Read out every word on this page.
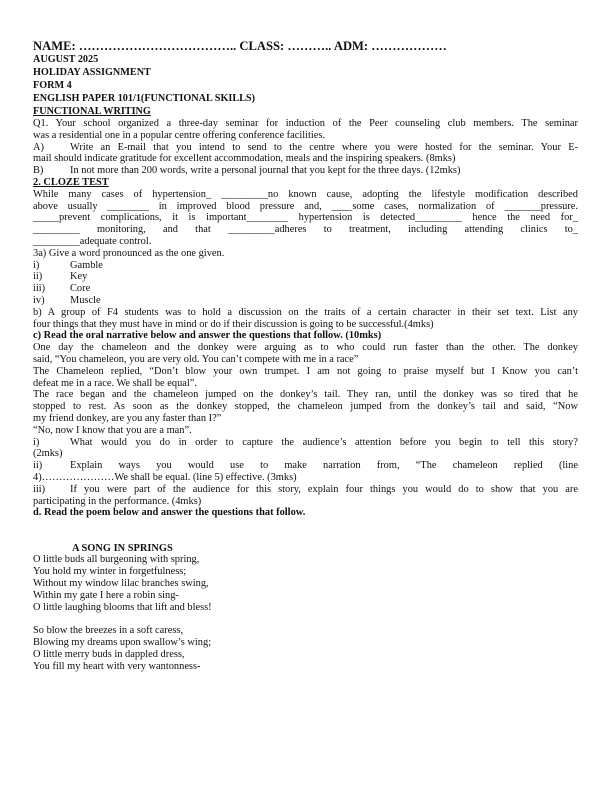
NAME: ……………………………….. CLASS: ……….. ADM: ………………
AUGUST 2025
HOLIDAY ASSIGNMENT
FORM 4
ENGLISH PAPER 101/1(FUNCTIONAL SKILLS)
FUNCTIONAL WRITING
Q1. Your school organized a three-day seminar for induction of the Peer counseling club members. The seminar
was a residential one in a popular centre offering conference facilities.
A)	Write an E-mail that you intend to send to the centre where you were hosted for the seminar. Your E-
mail should indicate gratitude for excellent accommodation, meals and the inspiring speakers. (8mks)
B)	In not more than 200 words, write a personal journal that you kept for the three days. (12mks)
2. CLOZE TEST
While many cases of hypertension_ _________no known cause, adopting the lifestyle modification described
above usually ________ in improved blood pressure and, ____some cases, normalization of _______pressure.
_____prevent complications, it is important________ hypertension is detected_________ hence the need for_
_________ monitoring, and that _________adheres to treatment, including attending clinics to_
_________adequate control.
3a) Give a word pronounced as the one given.
i)	Gamble
ii)	Key
iii) Core
iv) Muscle
b) A group of F4 students was to hold a discussion on the traits of a certain character in their set text. List any
four things that they must have in mind or do if their discussion is going to be successful.(4mks)
c) Read the oral narrative below and answer the questions that follow. (10mks)
One day the chameleon and the donkey were arguing as to who could run faster than the other. The donkey
said, “You chameleon, you are very old. You can’t compete with me in a race”
The Chameleon replied, “Don’t blow your own trumpet. I am not going to praise myself but I Know you can’t
defeat me in a race. We shall be equal”.
The race began and the chameleon jumped on the donkey’s tail. They ran, until the donkey was so tired that he
stopped to rest. As soon as the donkey stopped, the chameleon jumped from the donkey’s tail and said, “Now
my friend donkey, are you any faster than I?”
“No, now I know that you are a man”.
i)	What would you do in order to capture the audience’s attention before you begin to tell this story?
(2mks)
ii)	Explain ways you would use to make narration from, “The chameleon replied (line
4)…………………We shall be equal. (line 5) effective. (3mks)
iii) If you were part of the audience for this story, explain four things you would do to show that you are
participating in the performance. (4mks)
d. Read the poem below and answer the questions that follow.
A SONG IN SPRINGS
O little buds all burgeoning with spring,
You hold my winter in forgetfulness;
Without my window lilac branches swing,
Within my gate I here a robin sing-
O little laughing blooms that lift and bless!
So blow the breezes in a soft caress,
Blowing my dreams upon swallow’s wing;
O little merry buds in dappled dress,
You fill my heart with very wantonness-
